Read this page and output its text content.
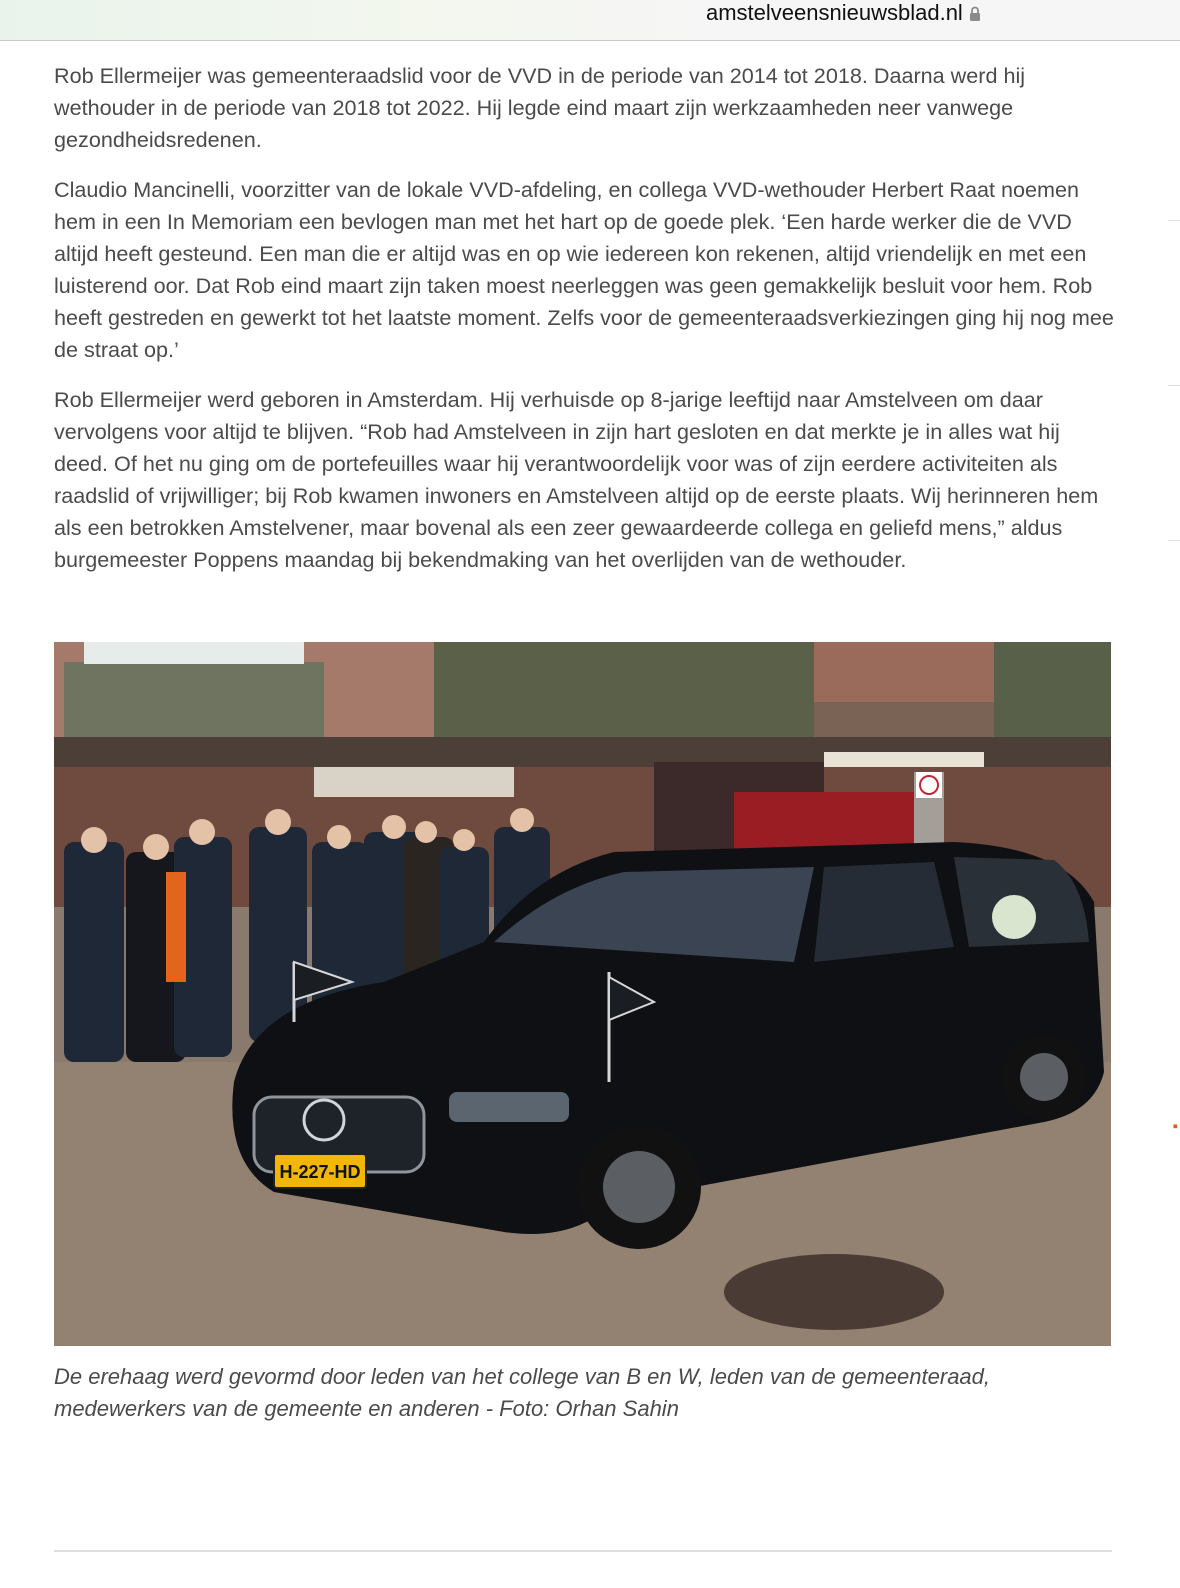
amstelveensnieuwsblad.nl

Rob Ellermeijer was gemeenteraadslid voor de VVD in de periode van 2014 tot 2018. Daarna werd hij wethouder in de periode van 2018 tot 2022. Hij legde eind maart zijn werkzaamheden neer vanwege gezondheidsredenen.

Claudio Mancinelli, voorzitter van de lokale VVD-afdeling, en collega VVD-wethouder Herbert Raat noemen hem in een In Memoriam een bevlogen man met het hart op de goede plek. ‘Een harde werker die de VVD altijd heeft gesteund. Een man die er altijd was en op wie iedereen kon rekenen, altijd vriendelijk en met een luisterend oor. Dat Rob eind maart zijn taken moest neerleggen was geen gemakkelijk besluit voor hem. Rob heeft gestreden en gewerkt tot het laatste moment. Zelfs voor de gemeenteraadsverkiezingen ging hij nog mee de straat op.’

Rob Ellermeijer werd geboren in Amsterdam. Hij verhuisde op 8-jarige leeftijd naar Amstelveen om daar vervolgens voor altijd te blijven. “Rob had Amstelveen in zijn hart gesloten en dat merkte je in alles wat hij deed. Of het nu ging om de portefeuilles waar hij verantwoordelijk voor was of zijn eerdere activiteiten als raadslid of vrijwilliger; bij Rob kwamen inwoners en Amstelveen altijd op de eerste plaats. Wij herinneren hem als een betrokken Amstelvener, maar bovenal als een zeer gewaardeerde collega en geliefd mens,” aldus burgemeester Poppens maandag bij bekendmaking van het overlijden van de wethouder.

H-227-HD
De erehaag werd gevormd door leden van het college van B en W, leden van de gemeenteraad, medewerkers van de gemeente en anderen - Foto: Orhan Sahin
▪
